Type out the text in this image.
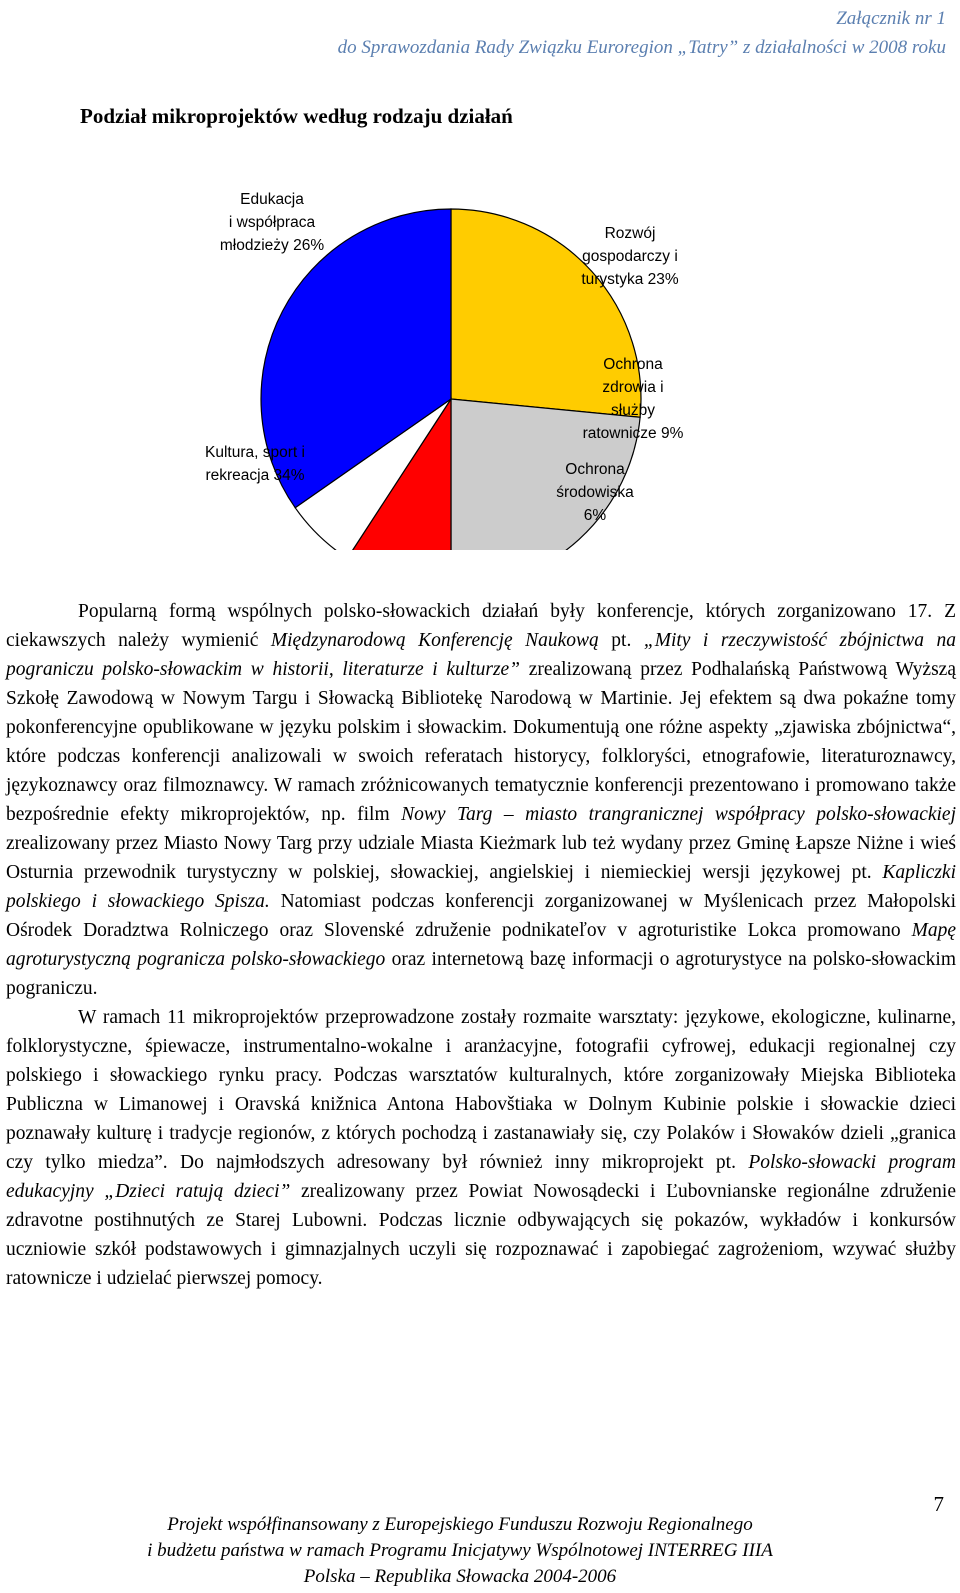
Załącznik nr 1
do Sprawozdania Rady Związku Euroregion „Tatry” z działalności w 2008 roku
Podział mikroprojektów według rodzaju działań
Edukacja i współpraca młodzieży 26%
Rozwój gospodarczy i turystyka 23%
Ochrona zdrowia i służby ratownicze 9%
Ochrona środowiska 6%
Kultura, sport i rekreacja 34%

Popularną formą wspólnych polsko-słowackich działań były konferencje, których zorganizowano 17. Z ciekawszych należy wymienić Międzynarodową Konferencję Naukową pt. „Mity i rzeczywistość zbójnictwa na pograniczu polsko-słowackim w historii, literaturze i kulturze” zrealizowaną przez Podhalańską Państwową Wyższą Szkołę Zawodową w Nowym Targu i Słowacką Bibliotekę Narodową w Martinie. Jej efektem są dwa pokaźne tomy pokonferencyjne opublikowane w języku polskim i słowackim. Dokumentują one różne aspekty „zjawiska zbójnictwa“, które podczas konferencji analizowali w swoich referatach historycy, folkloryści, etnografowie, literaturoznawcy, językoznawcy oraz filmoznawcy. W ramach zróżnicowanych tematycznie konferencji prezentowano i promowano także bezpośrednie efekty mikroprojektów, np. film Nowy Targ – miasto trangranicznej współpracy polsko-słowackiej zrealizowany przez Miasto Nowy Targ przy udziale Miasta Kieżmark lub też wydany przez Gminę Łapsze Niżne i wieś Osturnia przewodnik turystyczny w polskiej, słowackiej, angielskiej i niemieckiej wersji językowej pt. Kapliczki polskiego i słowackiego Spisza. Natomiast podczas konferencji zorganizowanej w Myślenicach przez Małopolski Ośrodek Doradztwa Rolniczego oraz Slovenské združenie podnikateľov v agroturistike Lokca promowano Mapę agroturystyczną pogranicza polsko-słowackiego oraz internetową bazę informacji o agroturystyce na polsko-słowackim pograniczu.

W ramach 11 mikroprojektów przeprowadzone zostały rozmaite warsztaty: językowe, ekologiczne, kulinarne, folklorystyczne, śpiewacze, instrumentalno-wokalne i aranżacyjne, fotografii cyfrowej, edukacji regionalnej czy polskiego i słowackiego rynku pracy. Podczas warsztatów kulturalnych, które zorganizowały Miejska Biblioteka Publiczna w Limanowej i Oravská knižnica Antona Habovštiaka w Dolnym Kubinie polskie i słowackie dzieci poznawały kulturę i tradycje regionów, z których pochodzą i zastanawiały się, czy Polaków i Słowaków dzieli „granica czy tylko miedza”. Do najmłodszych adresowany był również inny mikroprojekt pt. Polsko-słowacki program edukacyjny „Dzieci ratują dzieci” zrealizowany przez Powiat Nowosądecki i Ľubovnianske regionálne združenie zdravotne postihnutých ze Starej Lubowni. Podczas licznie odbywających się pokazów, wykładów i konkursów uczniowie szkół podstawowych i gimnazjalnych uczyli się rozpoznawać i zapobiegać zagrożeniom, wzywać służby ratownicze i udzielać pierwszej pomocy.

7
Projekt współfinansowany z Europejskiego Funduszu Rozwoju Regionalnego
i budżetu państwa w ramach Programu Inicjatywy Wspólnotowej INTERREG IIIA
Polska – Republika Słowacka 2004-2006
